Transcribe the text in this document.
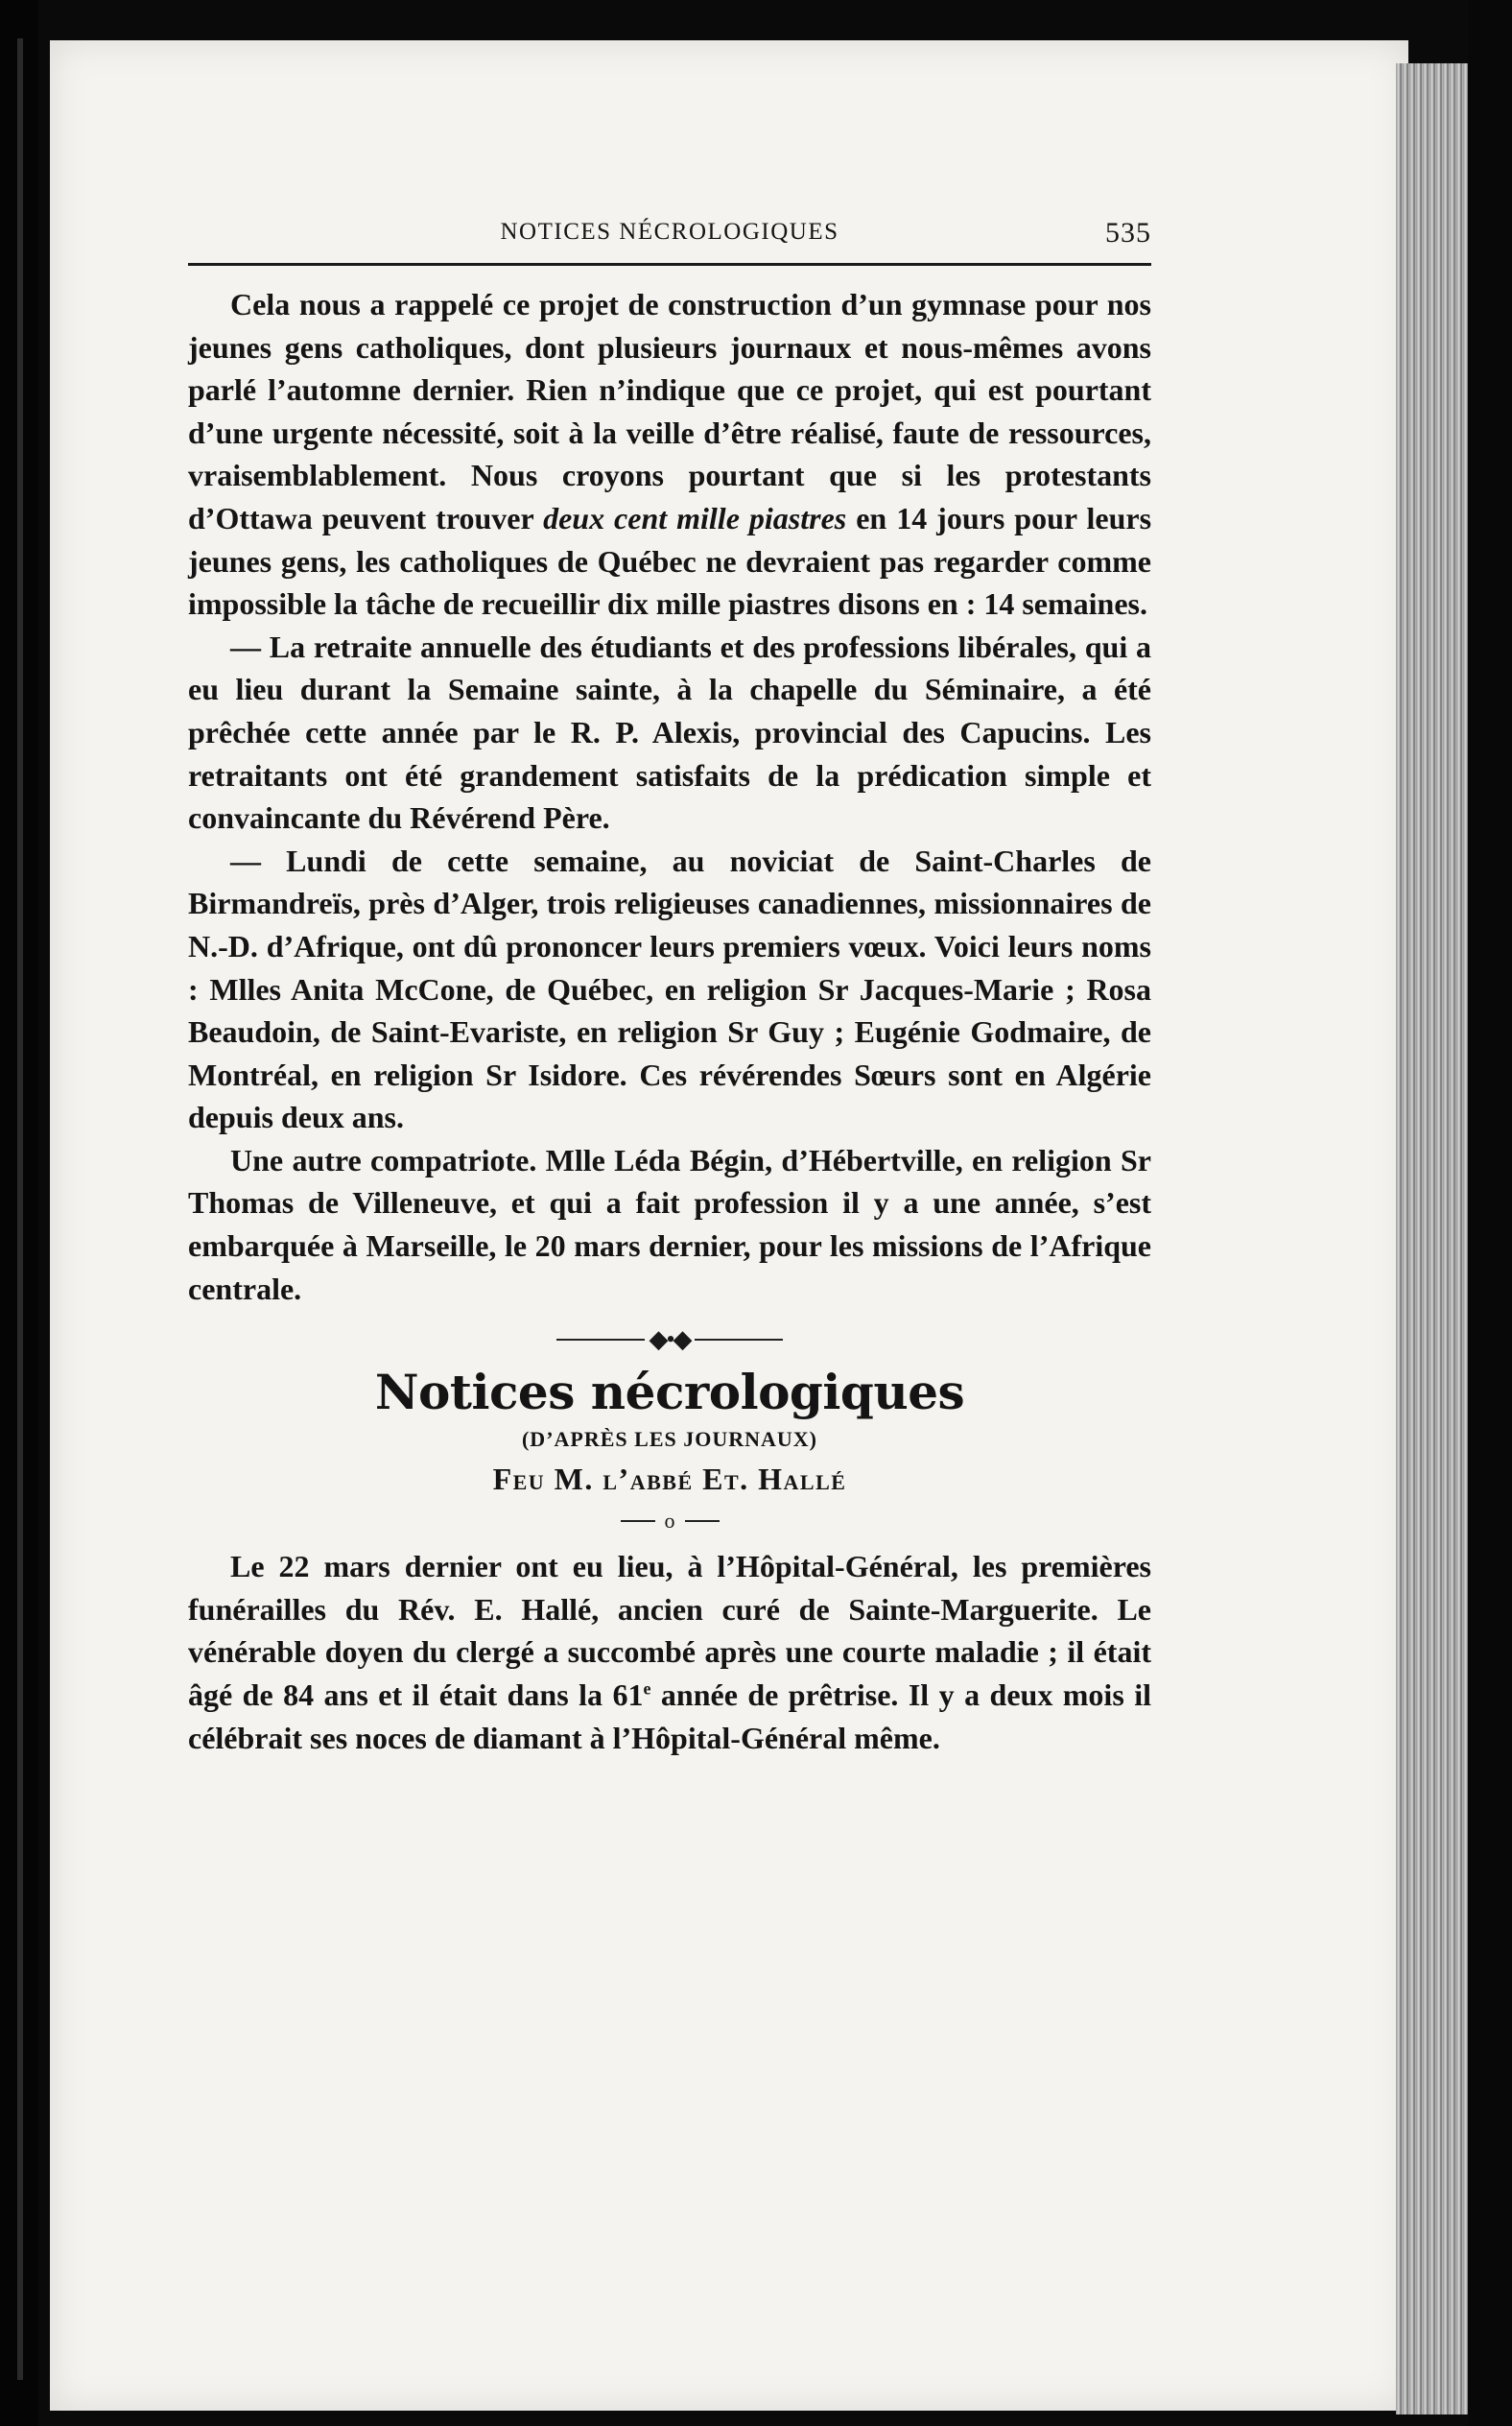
NOTICES NÉCROLOGIQUES	535

Cela nous a rappelé ce projet de construction d’un gymnase pour nos jeunes gens catholiques, dont plusieurs journaux et nous-mêmes avons parlé l’automne dernier. Rien n’indique que ce projet, qui est pourtant d’une urgente nécessité, soit à la veille d’être réalisé, faute de ressources, vraisemblablement. Nous croyons pourtant que si les protestants d’Ottawa peuvent trouver deux cent mille piastres en 14 jours pour leurs jeunes gens, les catholiques de Québec ne devraient pas regarder comme impossible la tâche de recueillir dix mille piastres disons en : 14 semaines.

— La retraite annuelle des étudiants et des professions libérales, qui a eu lieu durant la Semaine sainte, à la chapelle du Séminaire, a été prêchée cette année par le R. P. Alexis, provincial des Capucins. Les retraitants ont été grandement satisfaits de la prédication simple et convaincante du Révérend Père.

— Lundi de cette semaine, au noviciat de Saint-Charles de Birmandreïs, près d’Alger, trois religieuses canadiennes, missionnaires de N.-D. d’Afrique, ont dû prononcer leurs premiers vœux. Voici leurs noms : Mlles Anita McCone, de Québec, en religion Sr Jacques-Marie ; Rosa Beaudoin, de Saint-Evariste, en religion Sr Guy ; Eugénie Godmaire, de Montréal, en religion Sr Isidore. Ces révérendes Sœurs sont en Algérie depuis deux ans.

Une autre compatriote. Mlle Léda Bégin, d’Hébertville, en religion Sr Thomas de Villeneuve, et qui a fait profession il y a une année, s’est embarquée à Marseille, le 20 mars dernier, pour les missions de l’Afrique centrale.

◆•◆
Notices nécrologiques
(D’APRÈS LES JOURNAUX)
Feu M. l’abbé Et. Hallé
o

Le 22 mars dernier ont eu lieu, à l’Hôpital-Général, les premières funérailles du Rév. E. Hallé, ancien curé de Sainte-Marguerite. Le vénérable doyen du clergé a succombé après une courte maladie ; il était âgé de 84 ans et il était dans la 61e année de prêtrise. Il y a deux mois il célébrait ses noces de diamant à l’Hôpital-Général même.
